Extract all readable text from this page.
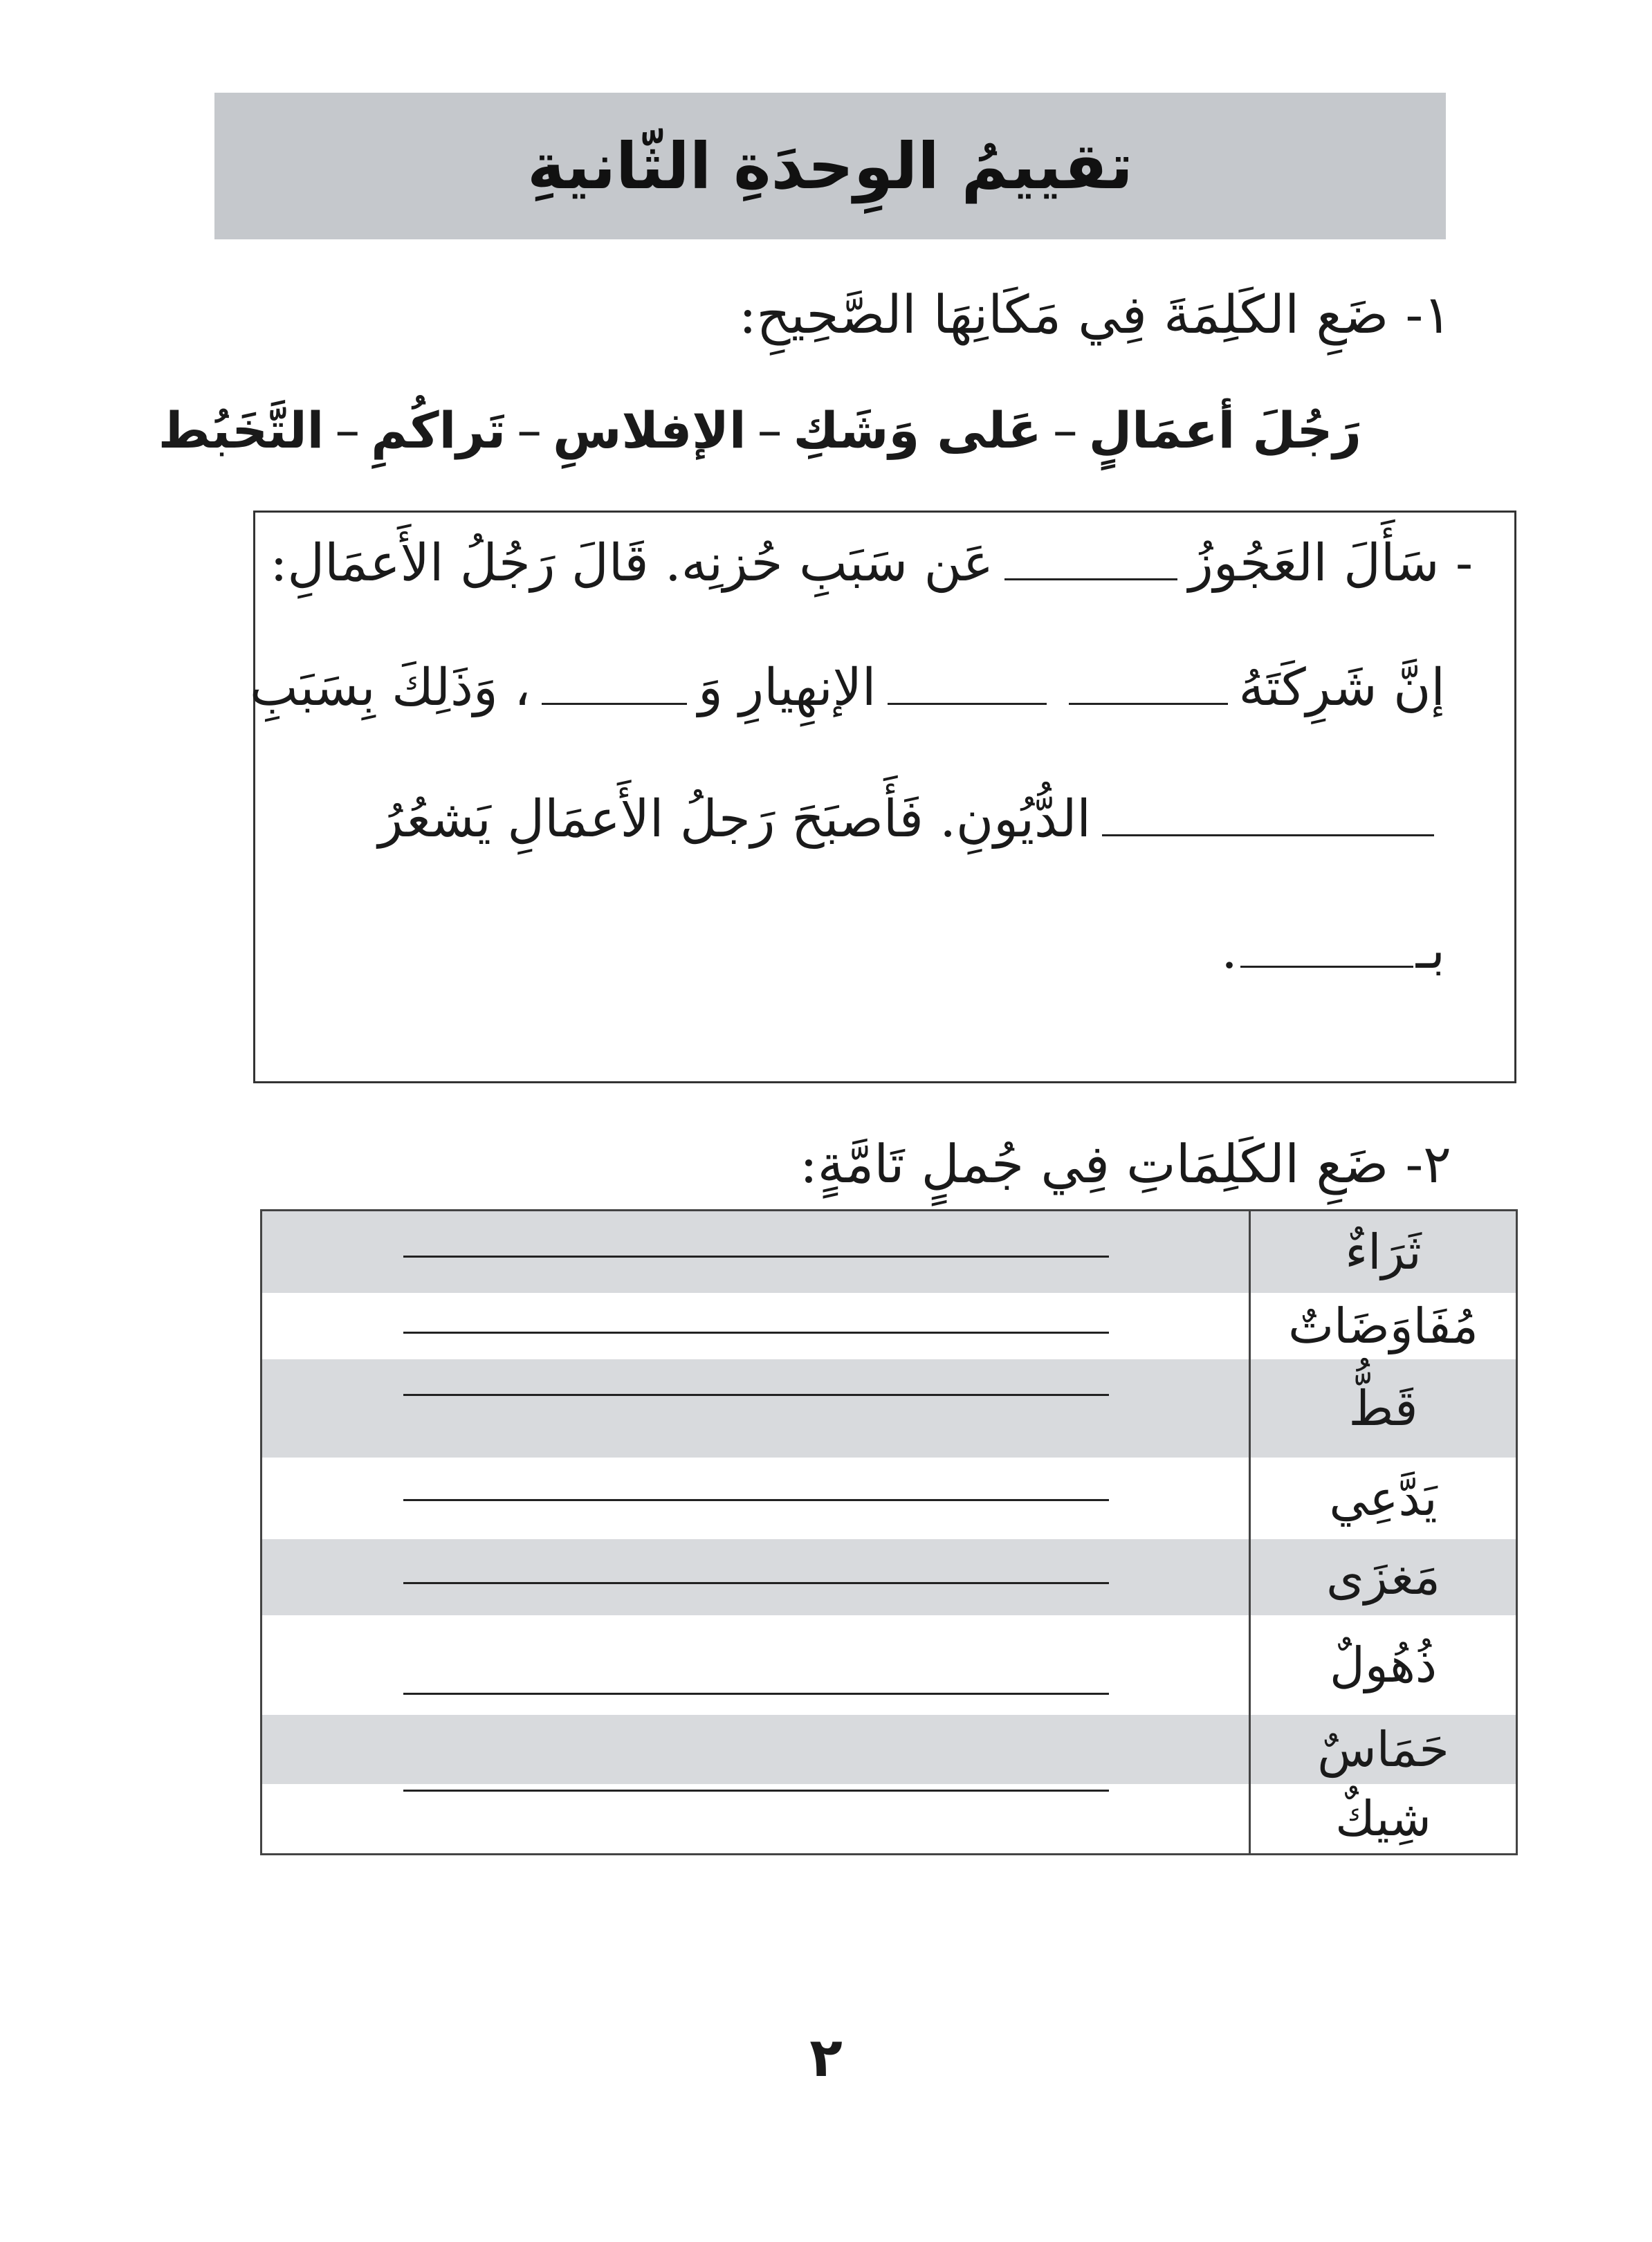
تقييمُ الوِحدَةِ الثّانيةِ
١- ضَعِ الكَلِمَةَ فِي مَكَانِهَا الصَّحِيحِ:
رَجُلَ أعمَالٍ–عَلى وَشَكِ–الإفلاسِ–تَراكُمِ–التَّخَبُط
- سَأَلَ العَجُوزُ
عَن سَبَبِ حُزنِه. قَالَ رَجُلُ الأَعمَالِ:
إنَّ شَرِكَتَهُ
الإنهِيارِ وَ
، وَذَلِكَ بِسَبَبِ
الدُّيُونِ. فَأَصبَحَ رَجلُ الأَعمَالِ يَشعُرُ
بـ
.
٢- ضَعِ الكَلِمَاتِ فِي جُملٍ تَامَّةٍ:
ثَرَاءٌ
مُفَاوَضَاتٌ
قَطُّ
يَدَّعِي
مَغزَى
ذُهُولٌ
حَمَاسٌ
شِيكٌ
٢
